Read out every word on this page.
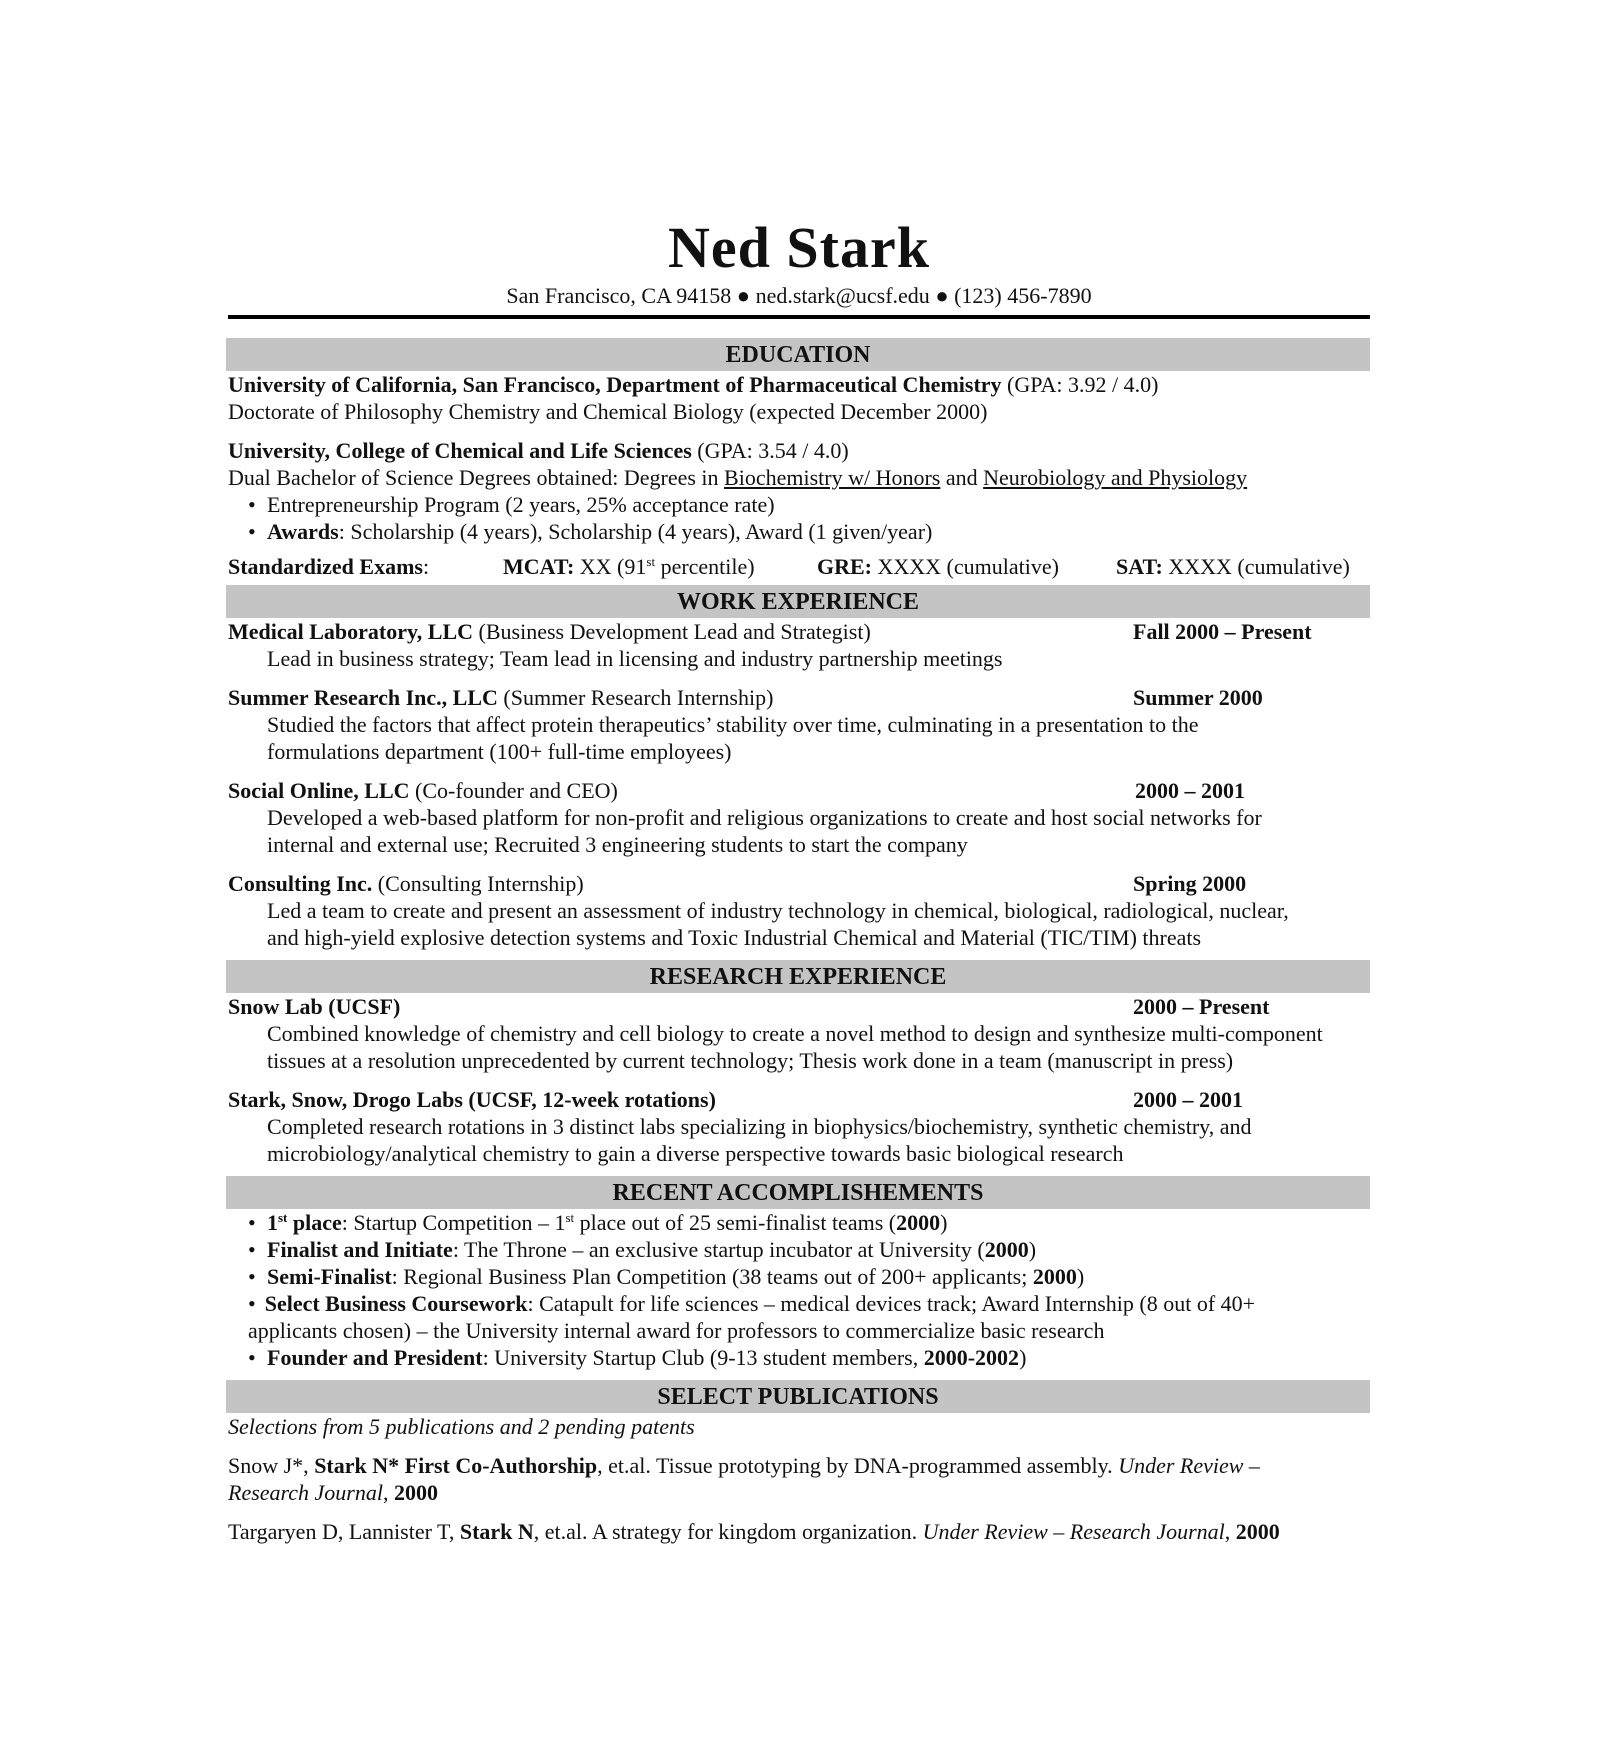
Ned Stark
San Francisco, CA 94158 ● ned.stark@ucsf.edu ● (123) 456-7890
EDUCATION
University of California, San Francisco, Department of Pharmaceutical Chemistry (GPA: 3.92 / 4.0)
Doctorate of Philosophy Chemistry and Chemical Biology (expected December 2000)
University, College of Chemical and Life Sciences (GPA: 3.54 / 4.0)
Dual Bachelor of Science Degrees obtained: Degrees in Biochemistry w/ Honors and Neurobiology and Physiology
• Entrepreneurship Program (2 years, 25% acceptance rate)
• Awards: Scholarship (4 years), Scholarship (4 years), Award (1 given/year)
Standardized Exams:	MCAT: XX (91st percentile)	GRE: XXXX (cumulative)	SAT: XXXX (cumulative)
WORK EXPERIENCE
Medical Laboratory, LLC (Business Development Lead and Strategist)	Fall 2000 – Present
Lead in business strategy; Team lead in licensing and industry partnership meetings
Summer Research Inc., LLC (Summer Research Internship)	Summer 2000
Studied the factors that affect protein therapeutics’ stability over time, culminating in a presentation to the
formulations department (100+ full-time employees)
Social Online, LLC (Co-founder and CEO)	2000 – 2001
Developed a web-based platform for non-profit and religious organizations to create and host social networks for
internal and external use; Recruited 3 engineering students to start the company
Consulting Inc. (Consulting Internship)	Spring 2000
Led a team to create and present an assessment of industry technology in chemical, biological, radiological, nuclear,
and high-yield explosive detection systems and Toxic Industrial Chemical and Material (TIC/TIM) threats
RESEARCH EXPERIENCE
Snow Lab (UCSF)	2000 – Present
Combined knowledge of chemistry and cell biology to create a novel method to design and synthesize multi-component
tissues at a resolution unprecedented by current technology; Thesis work done in a team (manuscript in press)
Stark, Snow, Drogo Labs (UCSF, 12-week rotations)	2000 – 2001
Completed research rotations in 3 distinct labs specializing in biophysics/biochemistry, synthetic chemistry, and
microbiology/analytical chemistry to gain a diverse perspective towards basic biological research
RECENT ACCOMPLISHEMENTS
• 1st place: Startup Competition – 1st place out of 25 semi-finalist teams (2000)
• Finalist and Initiate: The Throne – an exclusive startup incubator at University (2000)
• Semi-Finalist: Regional Business Plan Competition (38 teams out of 200+ applicants; 2000)
• Select Business Coursework: Catapult for life sciences – medical devices track; Award Internship (8 out of 40+
applicants chosen) – the University internal award for professors to commercialize basic research
• Founder and President: University Startup Club (9-13 student members, 2000-2002)
SELECT PUBLICATIONS
Selections from 5 publications and 2 pending patents
Snow J*, Stark N* First Co-Authorship, et.al. Tissue prototyping by DNA-programmed assembly. Under Review –
Research Journal, 2000
Targaryen D, Lannister T, Stark N, et.al. A strategy for kingdom organization. Under Review – Research Journal, 2000
